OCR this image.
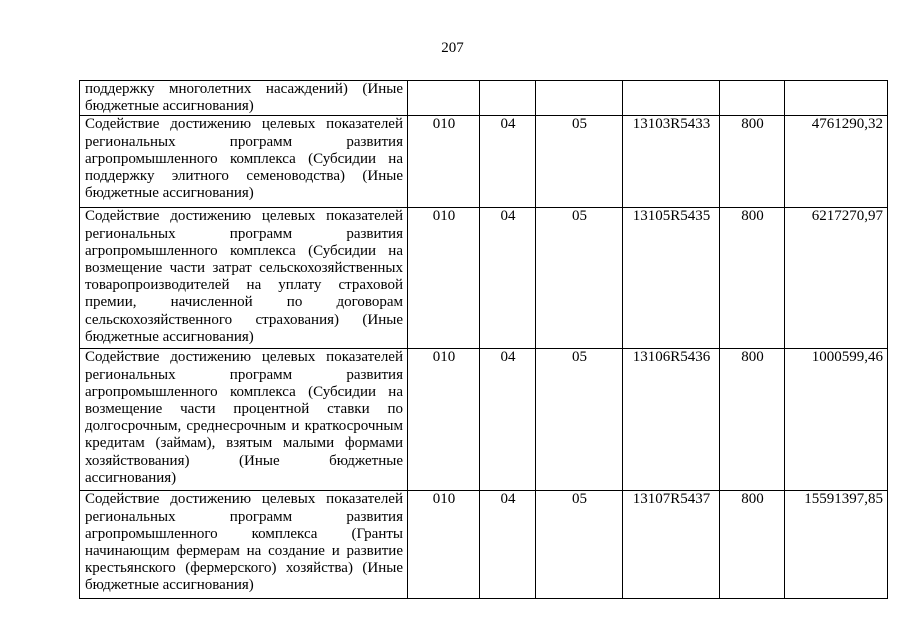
207
поддержку многолетних насаждений) (Иные бюджетные ассигнования)						
Содействие достижению целевых показателей региональных программ развития агропромышленного комплекса (Субсидии на поддержку элитного семеноводства) (Иные бюджетные ассигнования)	010	04	05	13103R5433	800	4761290,32
Содействие достижению целевых показателей региональных программ развития агропромышленного комплекса (Субсидии на возмещение части затрат сельскохозяйственных товаропроизводителей на уплату страховой премии, начисленной по договорам сельскохозяйственного страхования) (Иные бюджетные ассигнования)	010	04	05	13105R5435	800	6217270,97
Содействие достижению целевых показателей региональных программ развития агропромышленного комплекса (Субсидии на возмещение части процентной ставки по долгосрочным, среднесрочным и краткосрочным кредитам (займам), взятым малыми формами хозяйствования) (Иные бюджетные ассигнования)	010	04	05	13106R5436	800	1000599,46
Содействие достижению целевых показателей региональных программ развития агропромышленного комплекса (Гранты начинающим фермерам на создание и развитие крестьянского (фермерского) хозяйства) (Иные бюджетные ассигнования)	010	04	05	13107R5437	800	15591397,85
